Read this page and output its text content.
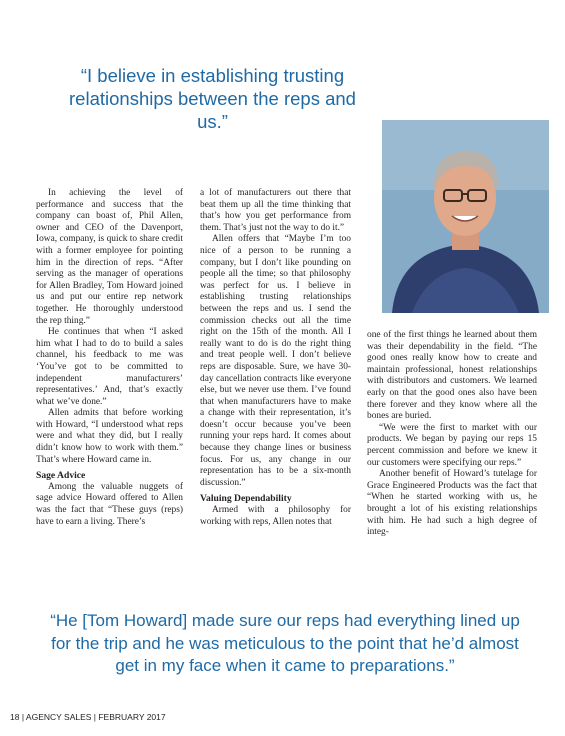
“I believe in establishing trusting relationships between the reps and us.”

In achieving the level of performance and success that the company can boast of, Phil Allen, owner and CEO of the Davenport, Iowa, company, is quick to share credit with a former employee for pointing him in the direction of reps. “After serving as the manager of operations for Allen Bradley, Tom Howard joined us and put our entire rep network together. He thoroughly understood the rep thing.”

He continues that when “I asked him what I had to do to build a sales channel, his feedback to me was ‘You’ve got to be committed to independent manufacturers’ representatives.’ And, that’s exactly what we’ve done.”

Allen admits that before working with Howard, “I understood what reps were and what they did, but I really didn’t know how to work with them.” That’s where Howard came in.

Sage Advice

Among the valuable nuggets of sage advice Howard offered to Allen was the fact that “These guys (reps) have to earn a living. There’s

a lot of manufacturers out there that beat them up all the time thinking that that’s how you get performance from them. That’s just not the way to do it.”

Allen offers that “Maybe I’m too nice of a person to be running a company, but I don’t like pounding on people all the time; so that philosophy was perfect for us. I believe in establishing trusting relationships between the reps and us. I send the commission checks out all the time right on the 15th of the month. All I really want to do is do the right thing and treat people well. I don’t believe reps are disposable. Sure, we have 30-day cancellation contracts like everyone else, but we never use them. I’ve found that when manufacturers have to make a change with their representation, it’s doesn’t occur because you’ve been running your reps hard. It comes about because they change lines or business focus. For us, any change in our representation has to be a six-month discussion.”

Valuing Dependability

Armed with a philosophy for working with reps, Allen notes that

one of the first things he learned about them was their dependability in the field. “The good ones really know how to create and maintain professional, honest relationships with distributors and customers. We learned early on that the good ones also have been there forever and they know where all the bones are buried.

“We were the first to market with our products. We began by paying our reps 15 percent commission and before we knew it our customers were specifying our reps.”

Another benefit of Howard’s tutelage for Grace Engineered Products was the fact that “When he started working with us, he brought a lot of his existing relationships with him. He had such a high degree of integ-

“He [Tom Howard] made sure our reps had everything lined up for the trip and he was meticulous to the point that he’d almost get in my face when it came to preparations.”
18 | AGENCY SALES | FEBRUARY 2017
